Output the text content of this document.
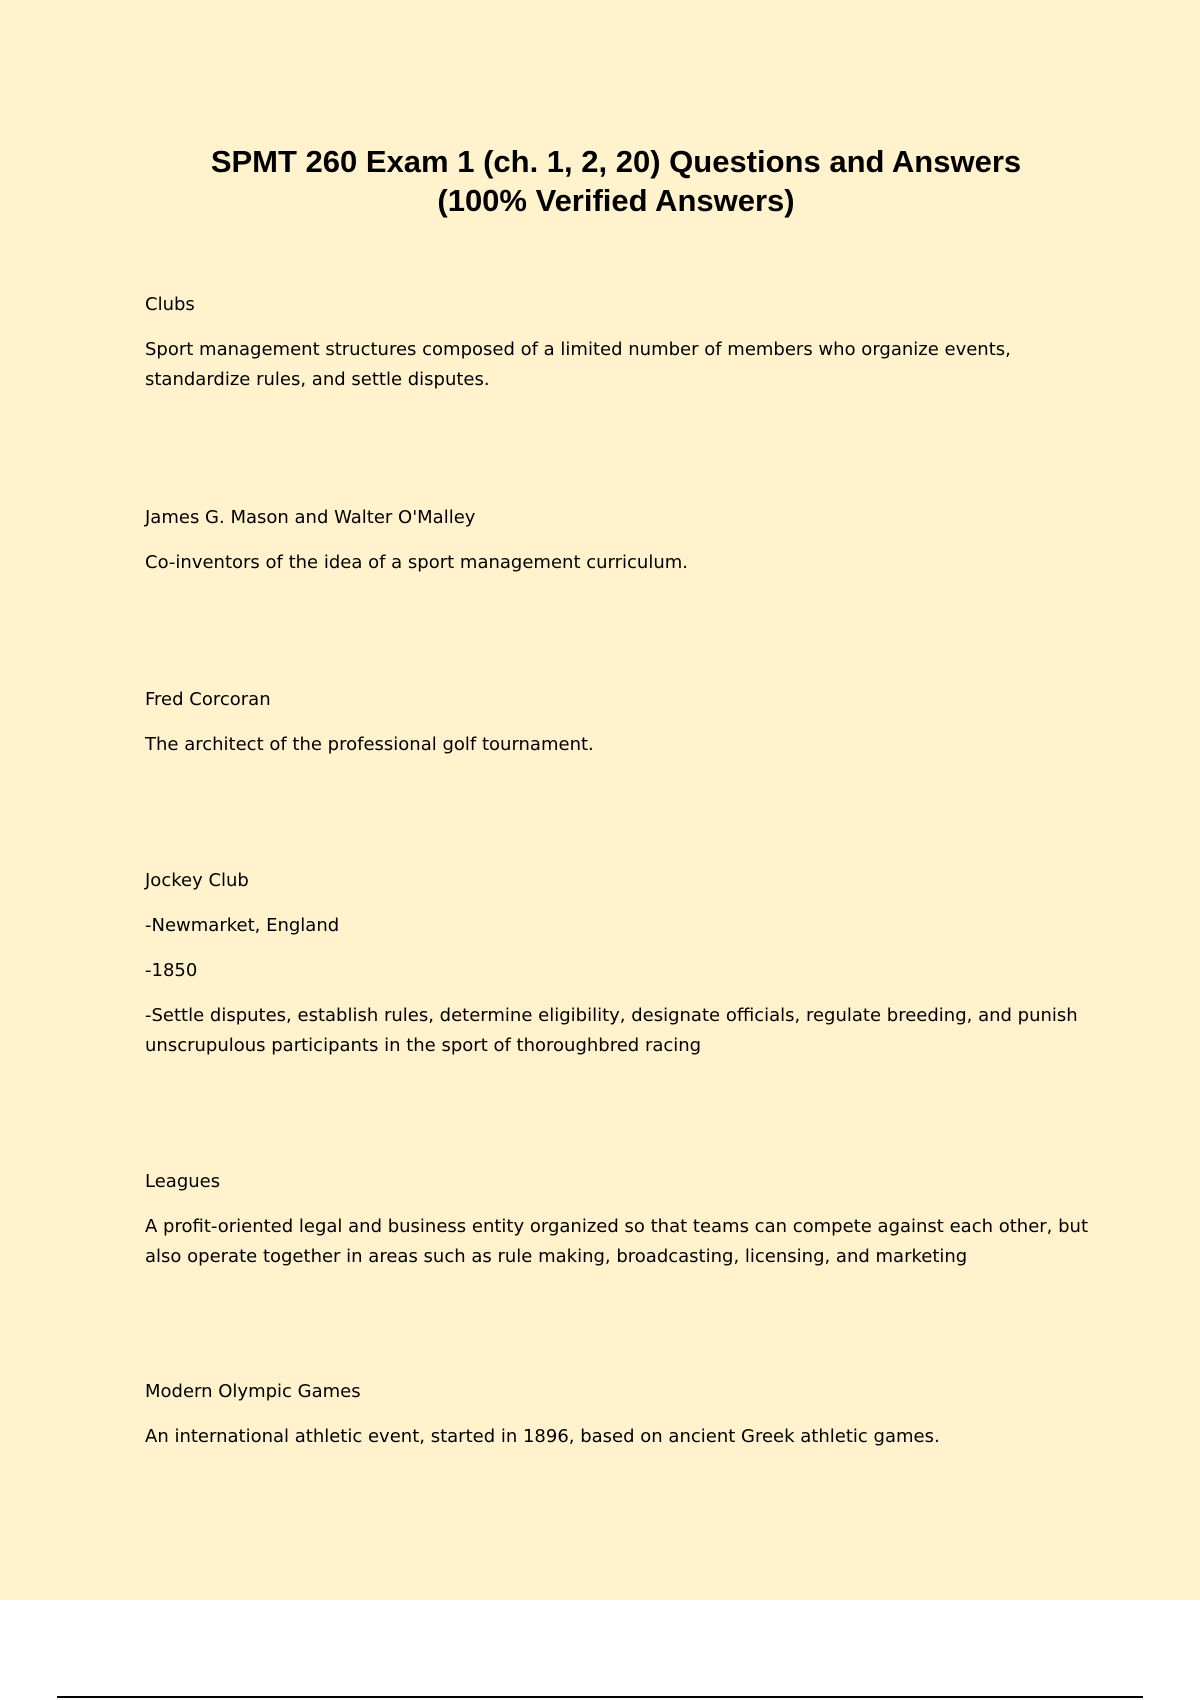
SPMT 260 Exam 1 (ch. 1, 2, 20) Questions and Answers
(100% Verified Answers)

Clubs

Sport management structures composed of a limited number of members who organize events, standardize rules, and settle disputes.

James G. Mason and Walter O'Malley

Co-inventors of the idea of a sport management curriculum.

Fred Corcoran

The architect of the professional golf tournament.

Jockey Club

-Newmarket, England

-1850

-Settle disputes, establish rules, determine eligibility, designate officials, regulate breeding, and punish unscrupulous participants in the sport of thoroughbred racing

Leagues

A profit-oriented legal and business entity organized so that teams can compete against each other, but also operate together in areas such as rule making, broadcasting, licensing, and marketing

Modern Olympic Games

An international athletic event, started in 1896, based on ancient Greek athletic games.
